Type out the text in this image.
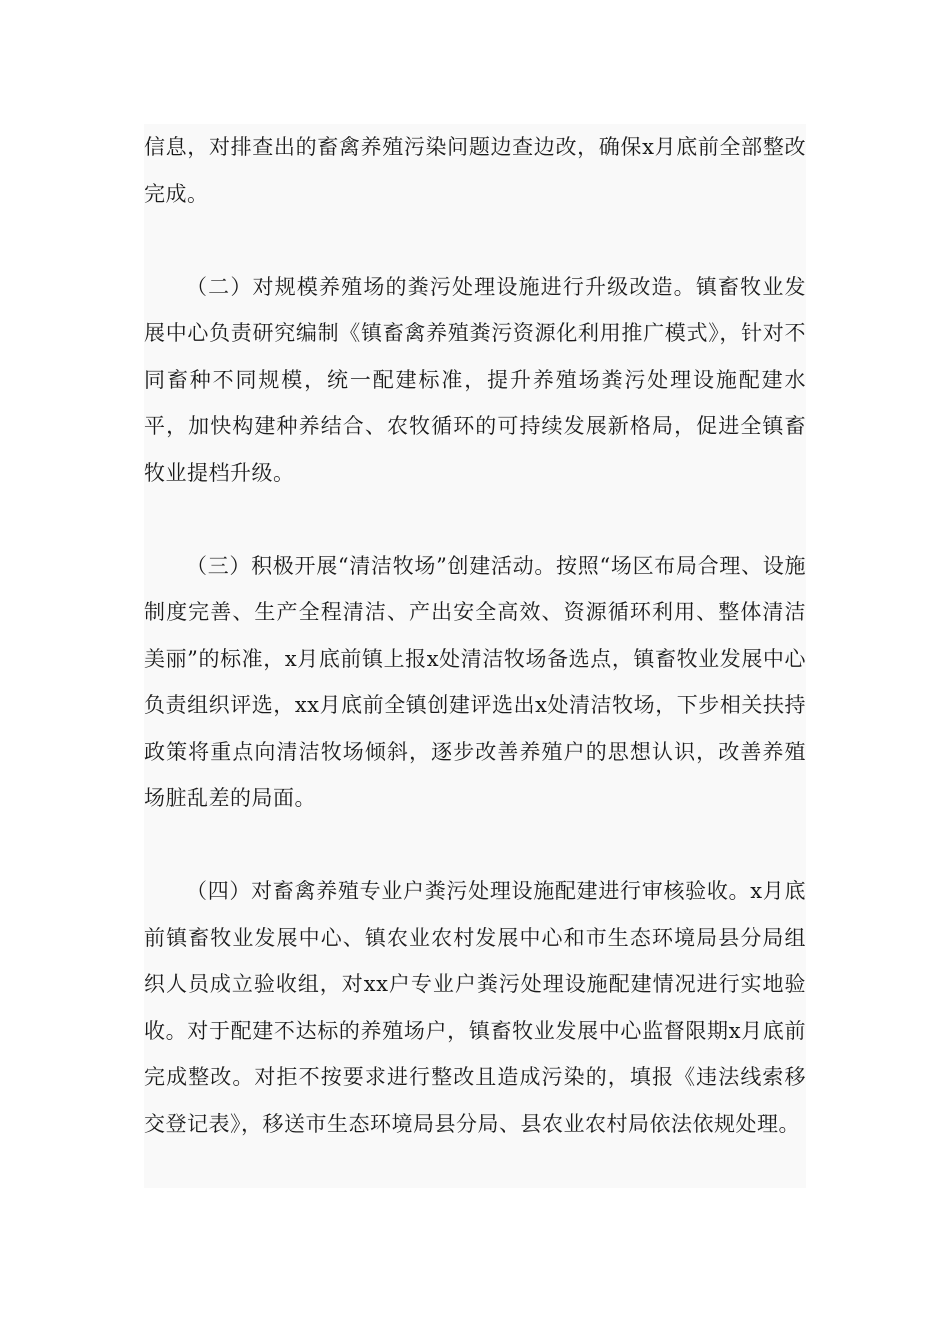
信息，对排查出的畜禽养殖污染问题边查边改，确保x月底前全部整改完成。

（二）对规模养殖场的粪污处理设施进行升级改造。镇畜牧业发展中心负责研究编制《镇畜禽养殖粪污资源化利用推广模式》，针对不同畜种不同规模，统一配建标准，提升养殖场粪污处理设施配建水平，加快构建种养结合、农牧循环的可持续发展新格局，促进全镇畜牧业提档升级。

（三）积极开展“清洁牧场”创建活动。按照“场区布局合理、设施制度完善、生产全程清洁、产出安全高效、资源循环利用、整体清洁美丽”的标准，x月底前镇上报x处清洁牧场备选点，镇畜牧业发展中心负责组织评选，xx月底前全镇创建评选出x处清洁牧场，下步相关扶持政策将重点向清洁牧场倾斜，逐步改善养殖户的思想认识，改善养殖场脏乱差的局面。

（四）对畜禽养殖专业户粪污处理设施配建进行审核验收。x月底前镇畜牧业发展中心、镇农业农村发展中心和市生态环境局县分局组织人员成立验收组，对xx户专业户粪污处理设施配建情况进行实地验收。对于配建不达标的养殖场户，镇畜牧业发展中心监督限期x月底前完成整改。对拒不按要求进行整改且造成污染的，填报《违法线索移交登记表》，移送市生态环境局县分局、县农业农村局依法依规处理。
